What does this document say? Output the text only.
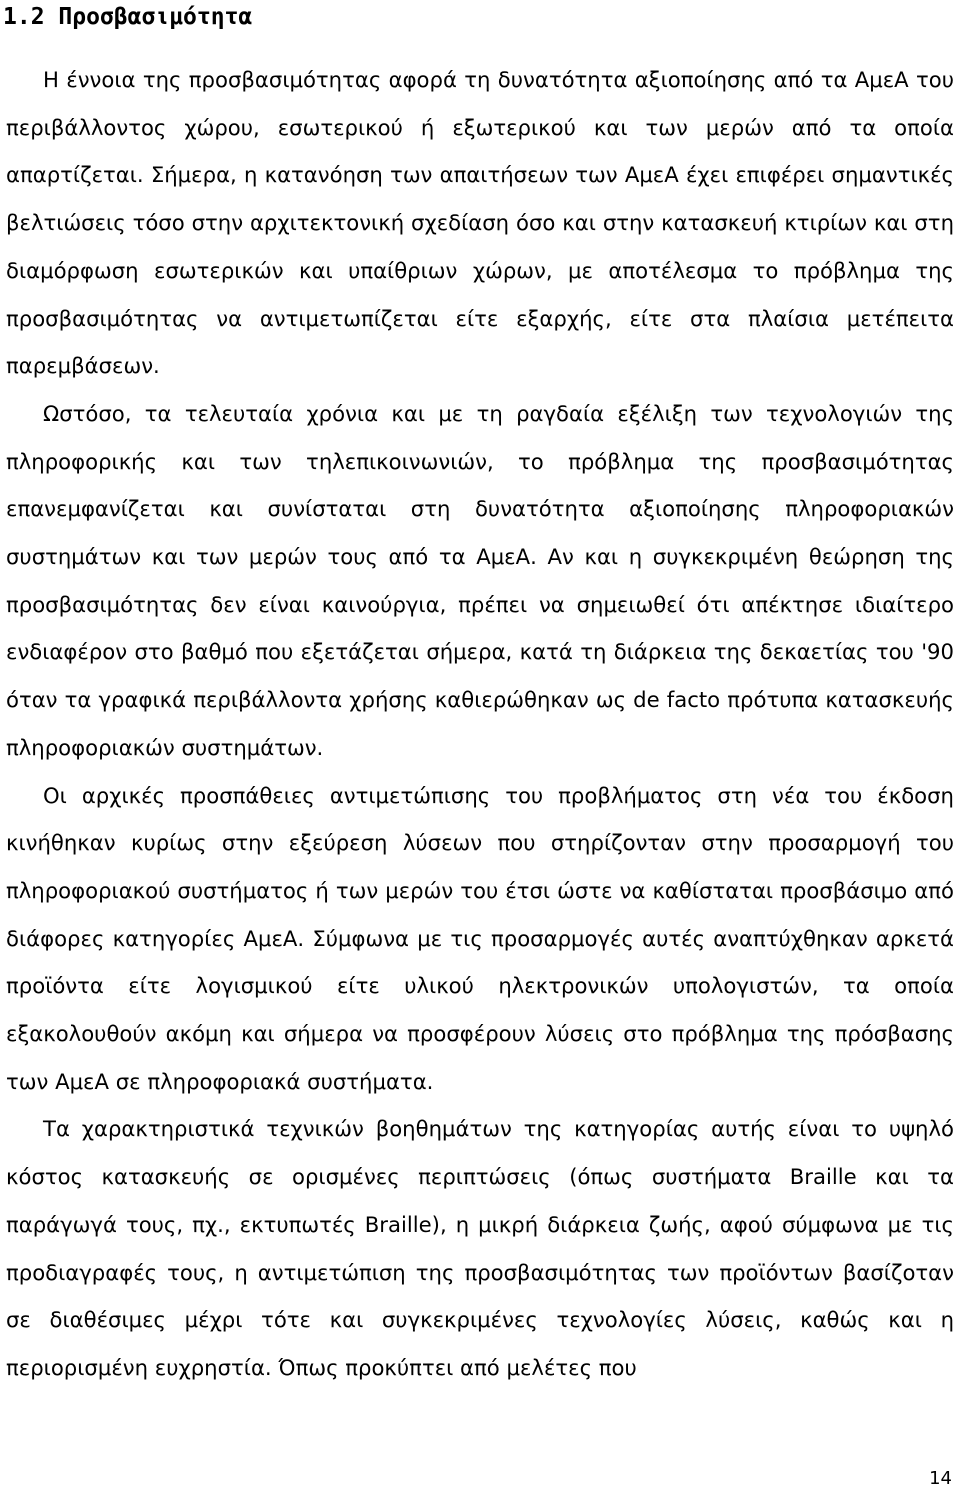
1.2 Προσβασιμότητα

Η έννοια της προσβασιμότητας αφορά τη δυνατότητα αξιοποίησης από τα ΑμεΑ του περιβάλλοντος χώρου, εσωτερικού ή εξωτερικού και των μερών από τα οποία απαρτίζεται. Σήμερα, η κατανόηση των απαιτήσεων των ΑμεΑ έχει επιφέρει σημαντικές βελτιώσεις τόσο στην αρχιτεκτονική σχεδίαση όσο και στην κατασκευή κτιρίων και στη διαμόρφωση εσωτερικών και υπαίθριων χώρων, με αποτέλεσμα το πρόβλημα της προσβασιμότητας να αντιμετωπίζεται είτε εξαρχής, είτε στα πλαίσια μετέπειτα παρεμβάσεων.

Ωστόσο, τα τελευταία χρόνια και με τη ραγδαία εξέλιξη των τεχνολογιών της πληροφορικής και των τηλεπικοινωνιών, το πρόβλημα της προσβασιμότητας επανεμφανίζεται και συνίσταται στη δυνατότητα αξιοποίησης πληροφοριακών συστημάτων και των μερών τους από τα ΑμεΑ. Αν και η συγκεκριμένη θεώρηση της προσβασιμότητας δεν είναι καινούργια, πρέπει να σημειωθεί ότι απέκτησε ιδιαίτερο ενδιαφέρον στο βαθμό που εξετάζεται σήμερα, κατά τη διάρκεια της δεκαετίας του '90 όταν τα γραφικά περιβάλλοντα χρήσης καθιερώθηκαν ως de facto πρότυπα κατασκευής πληροφοριακών συστημάτων.

Οι αρχικές προσπάθειες αντιμετώπισης του προβλήματος στη νέα του έκδοση κινήθηκαν κυρίως στην εξεύρεση λύσεων που στηρίζονταν στην προσαρμογή του πληροφοριακού συστήματος ή των μερών του έτσι ώστε να καθίσταται προσβάσιμο από διάφορες κατηγορίες ΑμεΑ. Σύμφωνα με τις προσαρμογές αυτές αναπτύχθηκαν αρκετά προϊόντα είτε λογισμικού είτε υλικού ηλεκτρονικών υπολογιστών, τα οποία εξακολουθούν ακόμη και σήμερα να προσφέρουν λύσεις στο πρόβλημα της πρόσβασης των ΑμεΑ σε πληροφοριακά συστήματα.

Τα χαρακτηριστικά τεχνικών βοηθημάτων της κατηγορίας αυτής είναι το υψηλό κόστος κατασκευής σε ορισμένες περιπτώσεις (όπως συστήματα Braille και τα παράγωγά τους, πχ., εκτυπωτές Braille), η μικρή διάρκεια ζωής, αφού σύμφωνα με τις προδιαγραφές τους, η αντιμετώπιση της προσβασιμότητας των προϊόντων βασίζοταν σε διαθέσιμες μέχρι τότε και συγκεκριμένες τεχνολογίες λύσεις, καθώς και η περιορισμένη ευχρηστία. Όπως προκύπτει από μελέτες που

14
